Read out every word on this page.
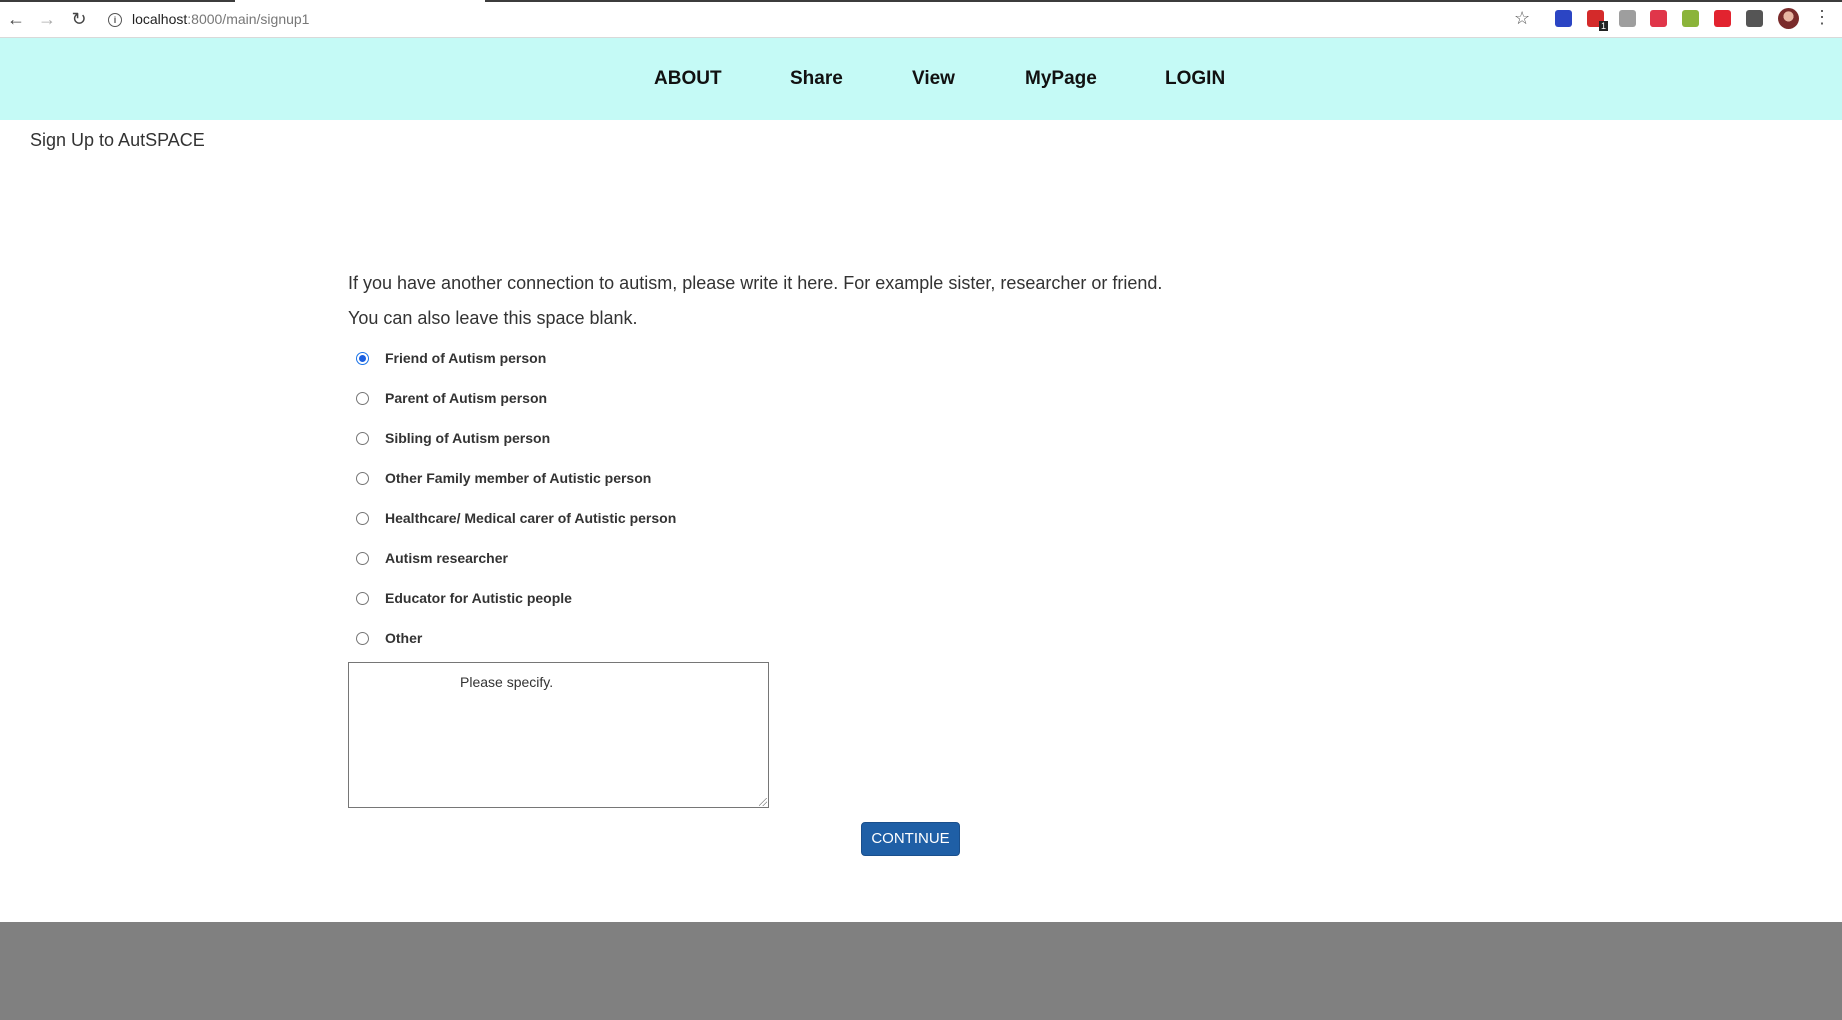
← → ↻	i localhost:8000/main/signup1	☆	1	⋮
ABOUT	Share	View	MyPage	LOGIN
Sign Up to AutSPACE
If you have another connection to autism, please write it here. For example sister, researcher or friend.
You can also leave this space blank.
Friend of Autism person
Parent of Autism person
Sibling of Autism person
Other Family member of Autistic person
Healthcare/ Medical carer of Autistic person
Autism researcher
Educator for Autistic people
Other
Please specify.
CONTINUE
